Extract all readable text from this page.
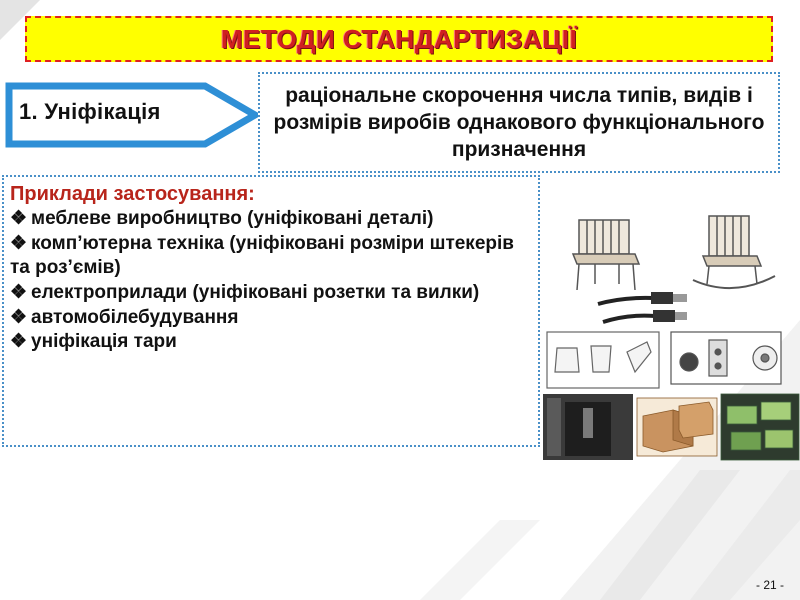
МЕТОДИ СТАНДАРТИЗАЦІЇ
1. Уніфікація
раціональне скорочення числа типів, видів і розмірів виробів однакового функціонального призначення
Приклади застосування:
❖ меблеве виробництво (уніфіковані деталі)
❖ комп’ютерна техніка (уніфіковані розміри штекерів та роз’ємів)
❖ електроприлади (уніфіковані розетки та вилки)
❖ автомобілебудування
❖ уніфікація тари
- 21 -
